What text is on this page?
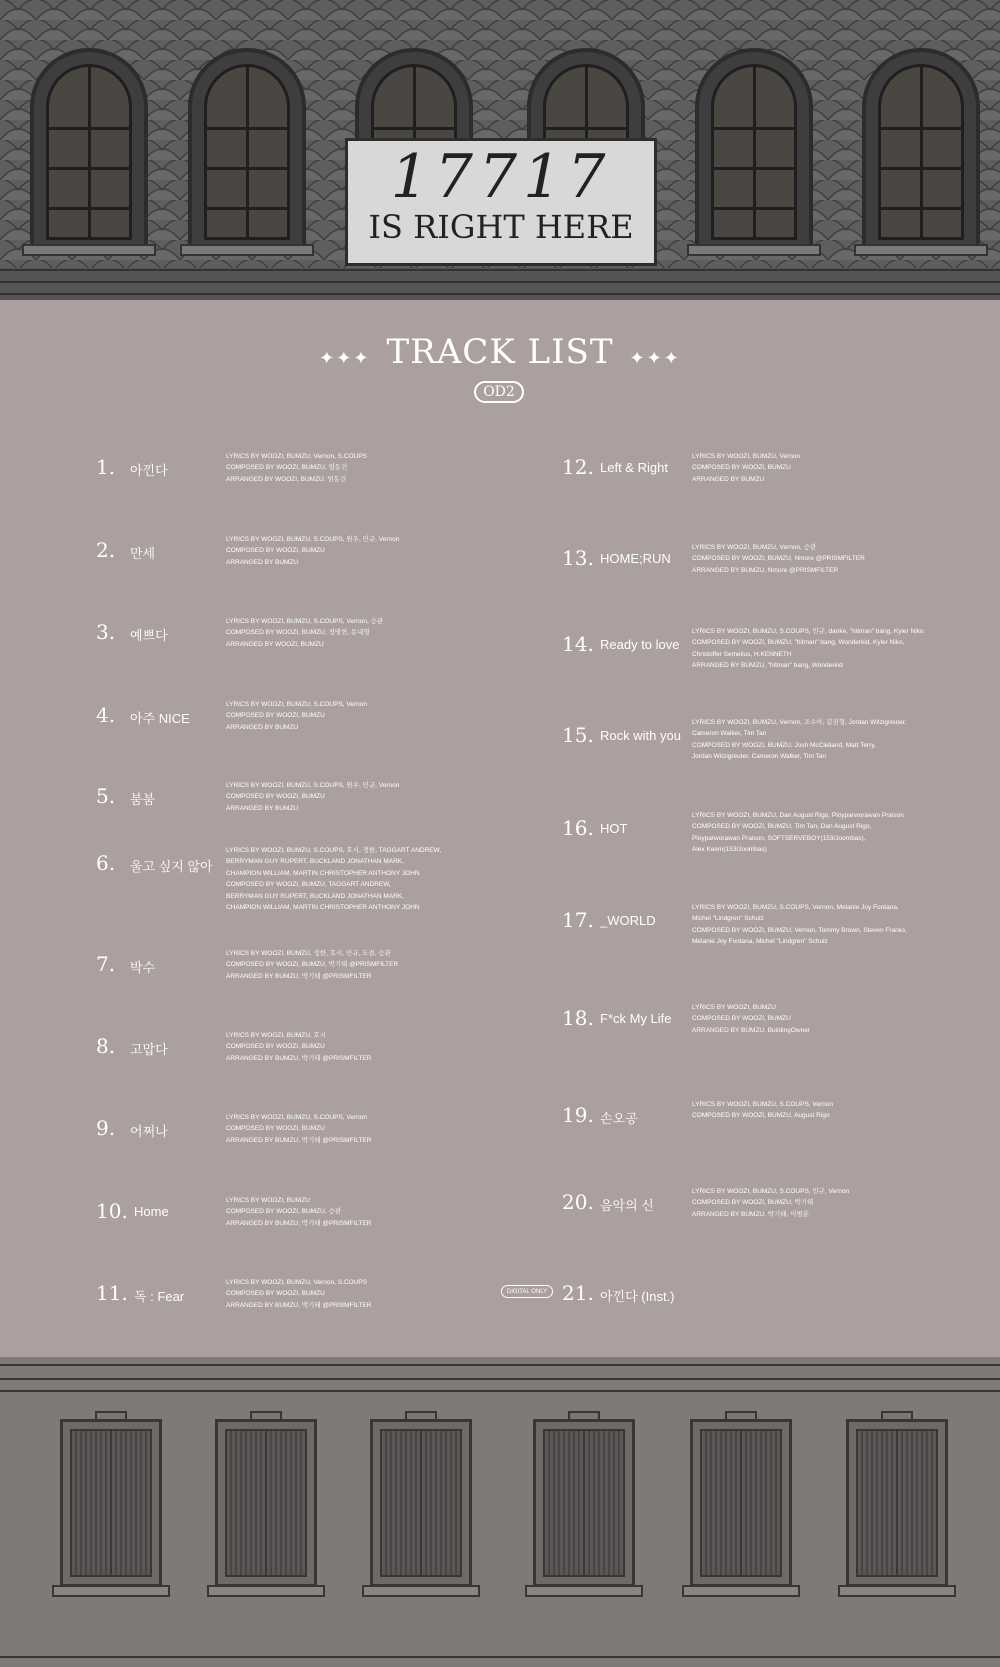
17717
IS RIGHT HERE
✦✦✦ TRACK LIST ✦✦✦
OD2
1. 아낀다
LYRICS BY WOOZI, BUMZU, Vernon, S.COUPS
COMPOSED BY WOOZI, BUMZU, 엄동건
ARRANGED BY WOOZI, BUMZU, 엄동건
2. 만세
LYRICS BY WOOZI, BUMZU, S.COUPS, 원우, 민규, Vernon
COMPOSED BY WOOZI, BUMZU
ARRANGED BY BUMZU
3. 예쁘다
LYRICS BY WOOZI, BUMZU, S.COUPS, Vernon, 승관
COMPOSED BY WOOZI, BUMZU, 정명헌, 동내형
ARRANGED BY WOOZI, BUMZU
4. 아주 NICE
LYRICS BY WOOZI, BUMZU, S.COUPS, Vernon
COMPOSED BY WOOZI, BUMZU
ARRANGED BY BUMZU
5. 붐붐
LYRICS BY WOOZI, BUMZU, S.COUPS, 원우, 민규, Vernon
COMPOSED BY WOOZI, BUMZU
ARRANGED BY BUMZU
6. 울고 싶지 않아
LYRICS BY WOOZI, BUMZU, S.COUPS, 호시, 정한, TAGGART ANDREW,
BERRYMAN GUY RUPERT, BUCKLAND JONATHAN MARK,
CHAMPION WILLIAM, MARTIN CHRISTOPHER ANTHONY JOHN
COMPOSED BY WOOZI, BUMZU, TAGGART ANDREW,
BERRYMAN GUY RUPERT, BUCKLAND JONATHAN MARK,
CHAMPION WILLIAM, MARTIN CHRISTOPHER ANTHONY JOHN
7. 박수
LYRICS BY WOOZI, BUMZU, 정한, 호시, 민규, 도겸, 승관
COMPOSED BY WOOZI, BUMZU, 박기태 @PRISMFILTER
ARRANGED BY BUMZU, 박기태 @PRISMFILTER
8. 고맙다
LYRICS BY WOOZI, BUMZU, 호시
COMPOSED BY WOOZI, BUMZU
ARRANGED BY BUMZU, 박기태 @PRISMFILTER
9. 어쩌나
LYRICS BY WOOZI, BUMZU, S.COUPS, Vernon
COMPOSED BY WOOZI, BUMZU
ARRANGED BY BUMZU, 박기태 @PRISMFILTER
10. Home
LYRICS BY WOOZI, BUMZU
COMPOSED BY WOOZI, BUMZU, 승관
ARRANGED BY BUMZU, 박기태 @PRISMFILTER
11. 독 : Fear
LYRICS BY WOOZI, BUMZU, Vernon, S.COUPS
COMPOSED BY WOOZI, BUMZU
ARRANGED BY BUMZU, 박기태 @PRISMFILTER
12. Left & Right
LYRICS BY WOOZI, BUMZU, Vernon
COMPOSED BY WOOZI, BUMZU
ARRANGED BY BUMZU
13. HOME;RUN
LYRICS BY WOOZI, BUMZU, Vernon, 승관
COMPOSED BY WOOZI, BUMZU, Nmore @PRISMFILTER
ARRANGED BY BUMZU, Nmore @PRISMFILTER
14. Ready to love
LYRICS BY WOOZI, BUMZU, S.COUPS, 민규, danke, "hitman" bang, Kyler Niko
COMPOSED BY WOOZI, BUMZU, "hitman" bang, Wonderkid, Kyler Niko,
Christoffer Semelius, H.KENNETH
ARRANGED BY BUMZU, "hitman" bang, Wonderkid
15. Rock with you
LYRICS BY WOOZI, BUMZU, Vernon, 조수아, 김진형, Jordan Witzigreuter,
Cameron Walker, Tim Tan
COMPOSED BY WOOZI, BUMZU, Josh McClelland, Matt Terry,
Jordan Witzigreuter, Cameron Walker, Tim Tan
16. HOT
LYRICS BY WOOZI, BUMZU, Dan August Rigo, Ployparworawan Praison
COMPOSED BY WOOZI, BUMZU, Tim Tan, Dan August Rigo,
Ployparworawan Praison, SOFTSERVEBOY(153/Joombas),
Alex Keem(153/Joombas)
17. _WORLD
LYRICS BY WOOZI, BUMZU, S.COUPS, Vernon, Melanie Joy Fontana,
Michel "Lindgren" Schulz
COMPOSED BY WOOZI, BUMZU, Vernon, Tommy Brown, Steven Franks,
Melanie Joy Fontana, Michel "Lindgren" Schulz
18. F*ck My Life
LYRICS BY WOOZI, BUMZU
COMPOSED BY WOOZI, BUMZU
ARRANGED BY BUMZU, BuildingOwner
19. 손오공
LYRICS BY WOOZI, BUMZU, S.COUPS, Vernon
COMPOSED BY WOOZI, BUMZU, August Rigo
20. 음악의 신
LYRICS BY WOOZI, BUMZU, S.COUPS, 민규, Vernon
COMPOSED BY WOOZI, BUMZU, 박기태
ARRANGED BY BUMZU, 박기태, 이범훈
21. 아낀다 (Inst.)
DIGITAL ONLY
